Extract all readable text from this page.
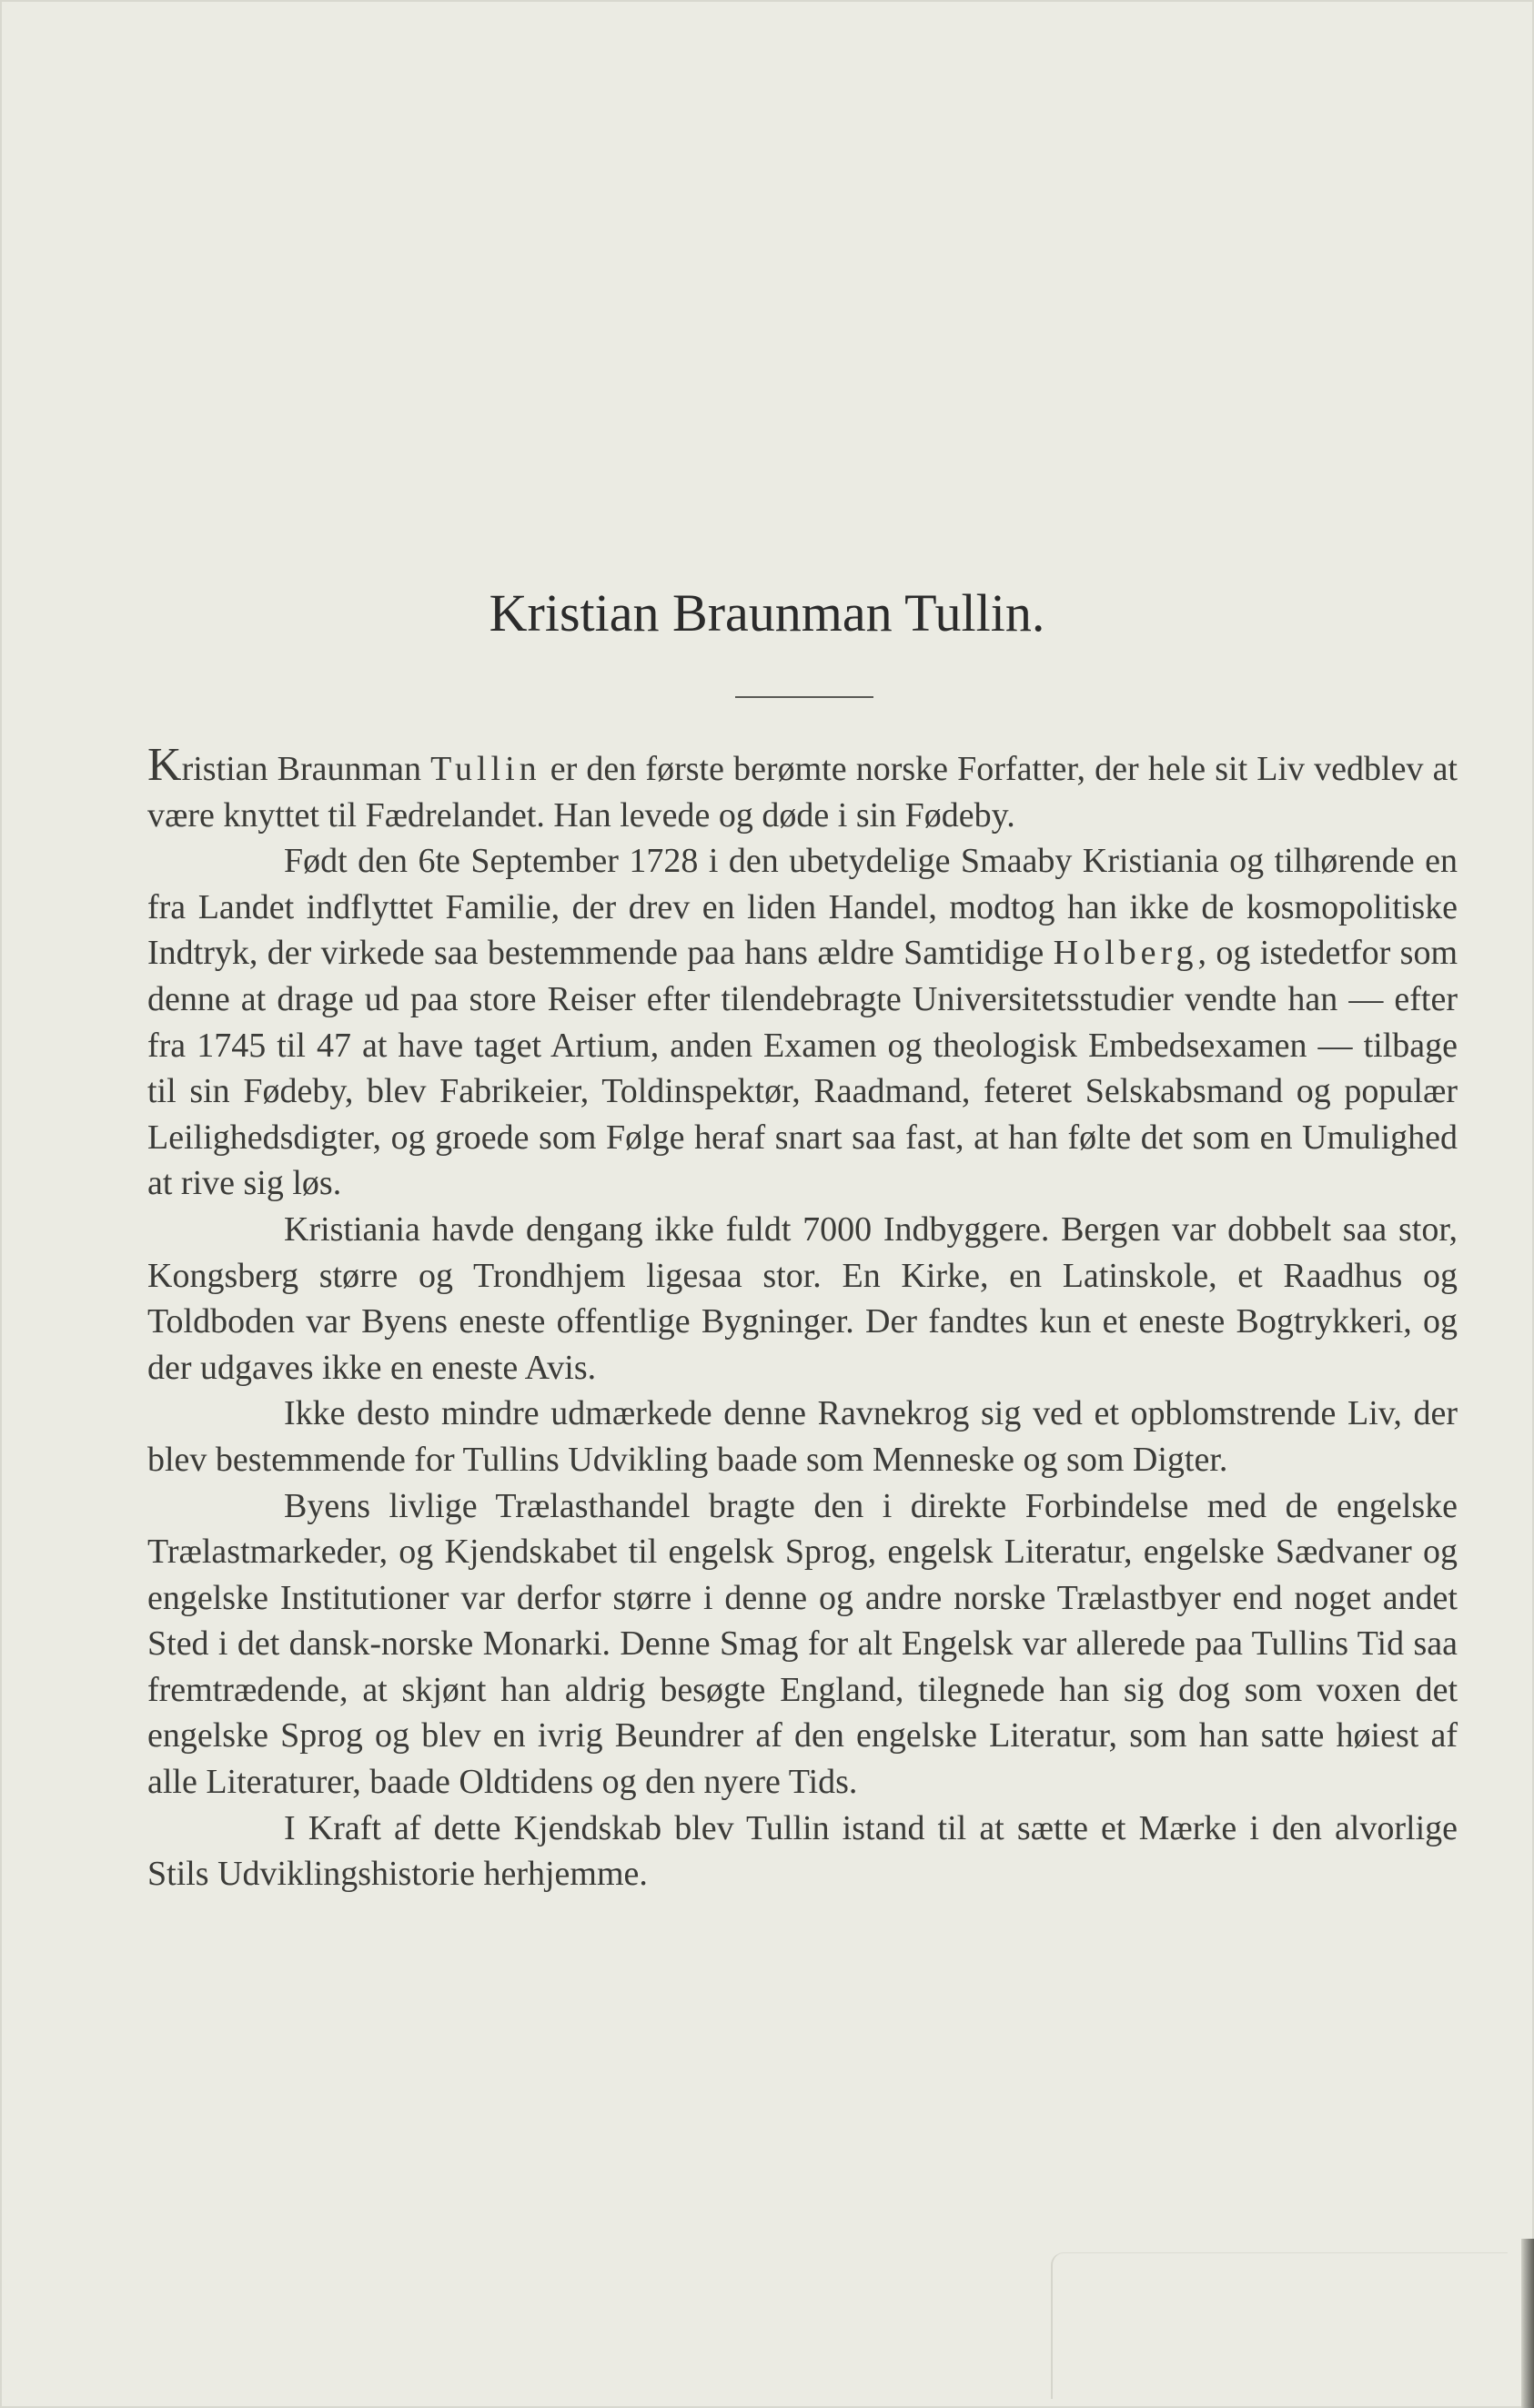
Kristian Braunman Tullin.

Kristian Braunman Tullin er den første berømte norske Forfatter, der hele sit Liv vedblev at være knyttet til Fædrelandet. Han levede og døde i sin Fødeby.

Født den 6te September 1728 i den ubetydelige Smaaby Kristiania og tilhørende en fra Landet indflyttet Familie, der drev en liden Handel, modtog han ikke de kosmopolitiske Indtryk, der virkede saa bestemmende paa hans ældre Samtidige Holberg, og istedetfor som denne at drage ud paa store Reiser efter tilendebragte Universitetsstudier vendte han — efter fra 1745 til 47 at have taget Artium, anden Examen og theologisk Embedsexamen — tilbage til sin Fødeby, blev Fabrikeier, Toldinspektør, Raadmand, feteret Selskabsmand og populær Leilighedsdigter, og groede som Følge heraf snart saa fast, at han følte det som en Umulighed at rive sig løs.

Kristiania havde dengang ikke fuldt 7000 Indbyggere. Bergen var dobbelt saa stor, Kongsberg større og Trondhjem ligesaa stor. En Kirke, en Latinskole, et Raadhus og Toldboden var Byens eneste offentlige Bygninger. Der fandtes kun et eneste Bogtrykkeri, og der udgaves ikke en eneste Avis.

Ikke desto mindre udmærkede denne Ravnekrog sig ved et opblomstrende Liv, der blev bestemmende for Tullins Udvikling baade som Menneske og som Digter.

Byens livlige Trælasthandel bragte den i direkte Forbindelse med de engelske Trælastmarkeder, og Kjendskabet til engelsk Sprog, engelsk Literatur, engelske Sædvaner og engelske Institutioner var derfor større i denne og andre norske Trælastbyer end noget andet Sted i det dansk-norske Monarki. Denne Smag for alt Engelsk var allerede paa Tullins Tid saa fremtrædende, at skjønt han aldrig besøgte England, tilegnede han sig dog som voxen det engelske Sprog og blev en ivrig Beundrer af den engelske Literatur, som han satte høiest af alle Literaturer, baade Oldtidens og den nyere Tids.

I Kraft af dette Kjendskab blev Tullin istand til at sætte et Mærke i den alvorlige Stils Udviklingshistorie herhjemme.
